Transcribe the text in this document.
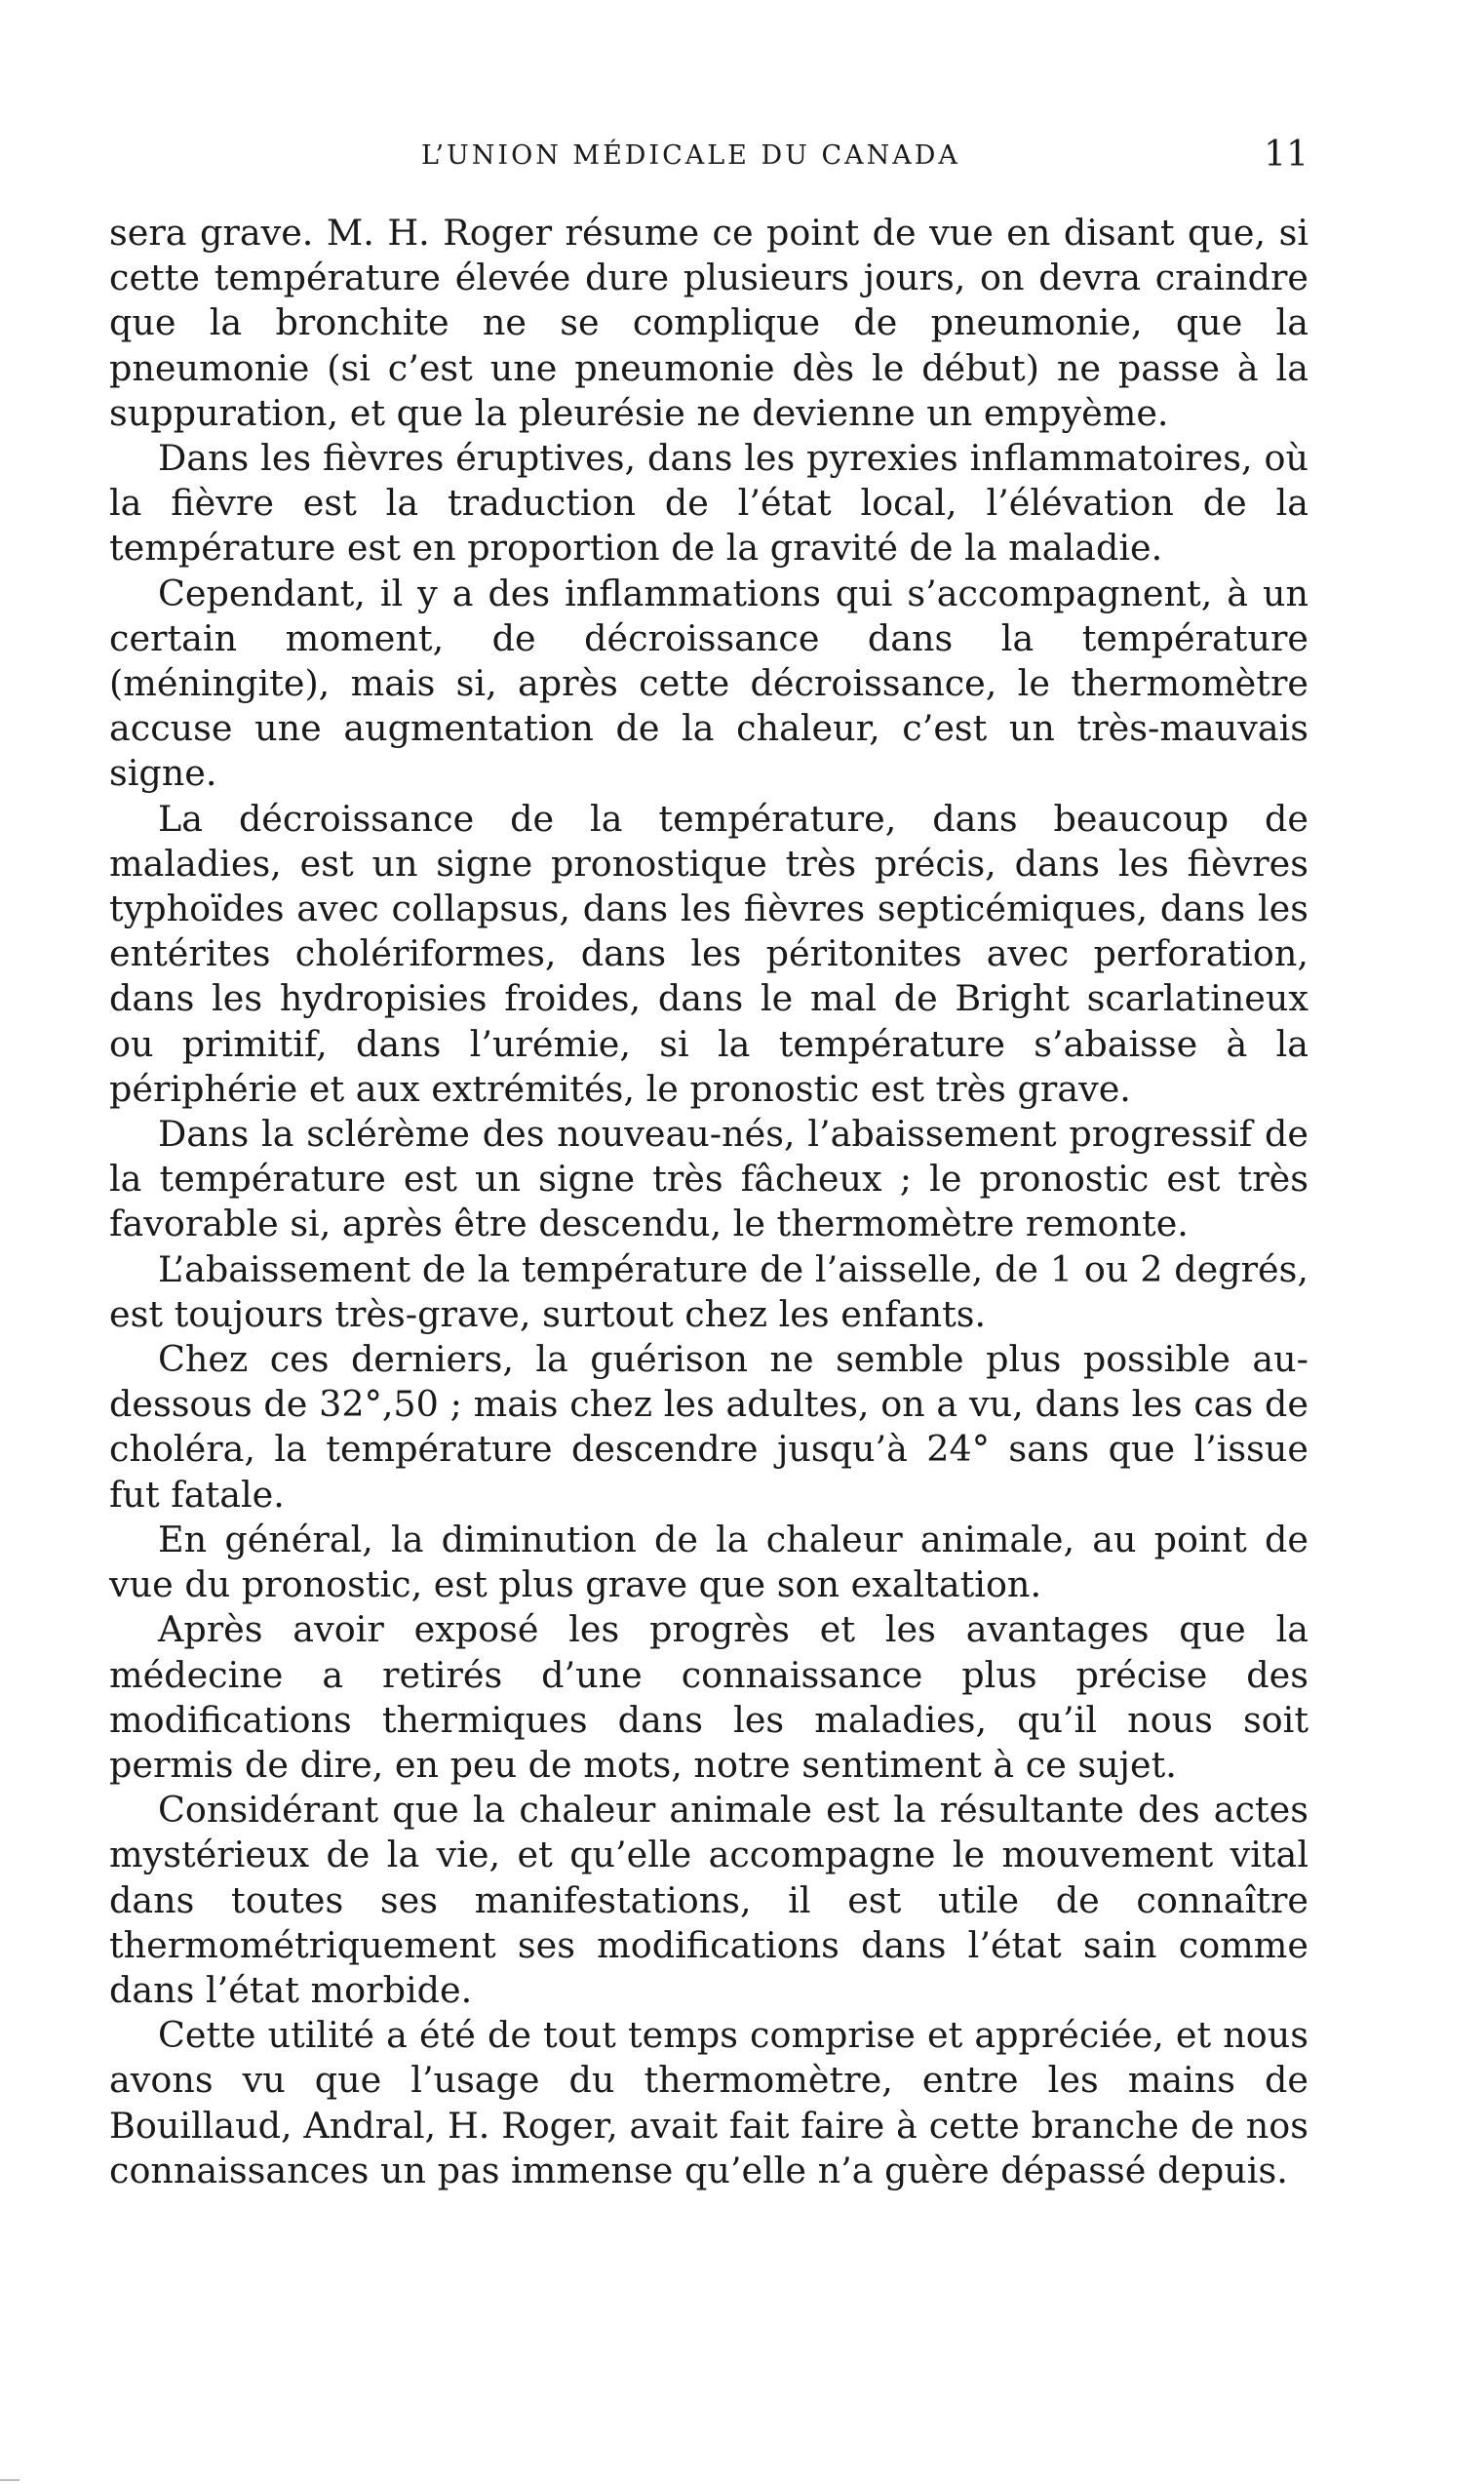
L’UNION MÉDICALE DU CANADA	11

sera grave. M. H. Roger résume ce point de vue en disant que, si cette température élevée dure plusieurs jours, on devra craindre que la bronchite ne se complique de pneumonie, que la pneumonie (si c’est une pneumonie dès le début) ne passe à la suppuration, et que la pleurésie ne devienne un empyème.

Dans les fièvres éruptives, dans les pyrexies inflammatoires, où la fièvre est la traduction de l’état local, l’élévation de la température est en proportion de la gravité de la maladie.

Cependant, il y a des inflammations qui s’accompagnent, à un certain moment, de décroissance dans la température (méningite), mais si, après cette décroissance, le thermomètre accuse une augmentation de la chaleur, c’est un très-mauvais signe.

La décroissance de la température, dans beaucoup de maladies, est un signe pronostique très précis, dans les fièvres typhoïdes avec collapsus, dans les fièvres septicémiques, dans les entérites cholériformes, dans les péritonites avec perforation, dans les hydropisies froides, dans le mal de Bright scarlatineux ou primitif, dans l’urémie, si la température s’abaisse à la périphérie et aux extrémités, le pronostic est très grave.

Dans la sclérème des nouveau-nés, l’abaissement progressif de la température est un signe très fâcheux ; le pronostic est très favorable si, après être descendu, le thermomètre remonte.

L’abaissement de la température de l’aisselle, de 1 ou 2 degrés, est toujours très-grave, surtout chez les enfants.

Chez ces derniers, la guérison ne semble plus possible au-dessous de 32°,50 ; mais chez les adultes, on a vu, dans les cas de choléra, la température descendre jusqu’à 24° sans que l’issue fut fatale.

En général, la diminution de la chaleur animale, au point de vue du pronostic, est plus grave que son exaltation.

Après avoir exposé les progrès et les avantages que la médecine a retirés d’une connaissance plus précise des modifications thermiques dans les maladies, qu’il nous soit permis de dire, en peu de mots, notre sentiment à ce sujet.

Considérant que la chaleur animale est la résultante des actes mystérieux de la vie, et qu’elle accompagne le mouvement vital dans toutes ses manifestations, il est utile de connaître thermométriquement ses modifications dans l’état sain comme dans l’état morbide.

Cette utilité a été de tout temps comprise et appréciée, et nous avons vu que l’usage du thermomètre, entre les mains de Bouillaud, Andral, H. Roger, avait fait faire à cette branche de nos connaissances un pas immense qu’elle n’a guère dépassé depuis.
